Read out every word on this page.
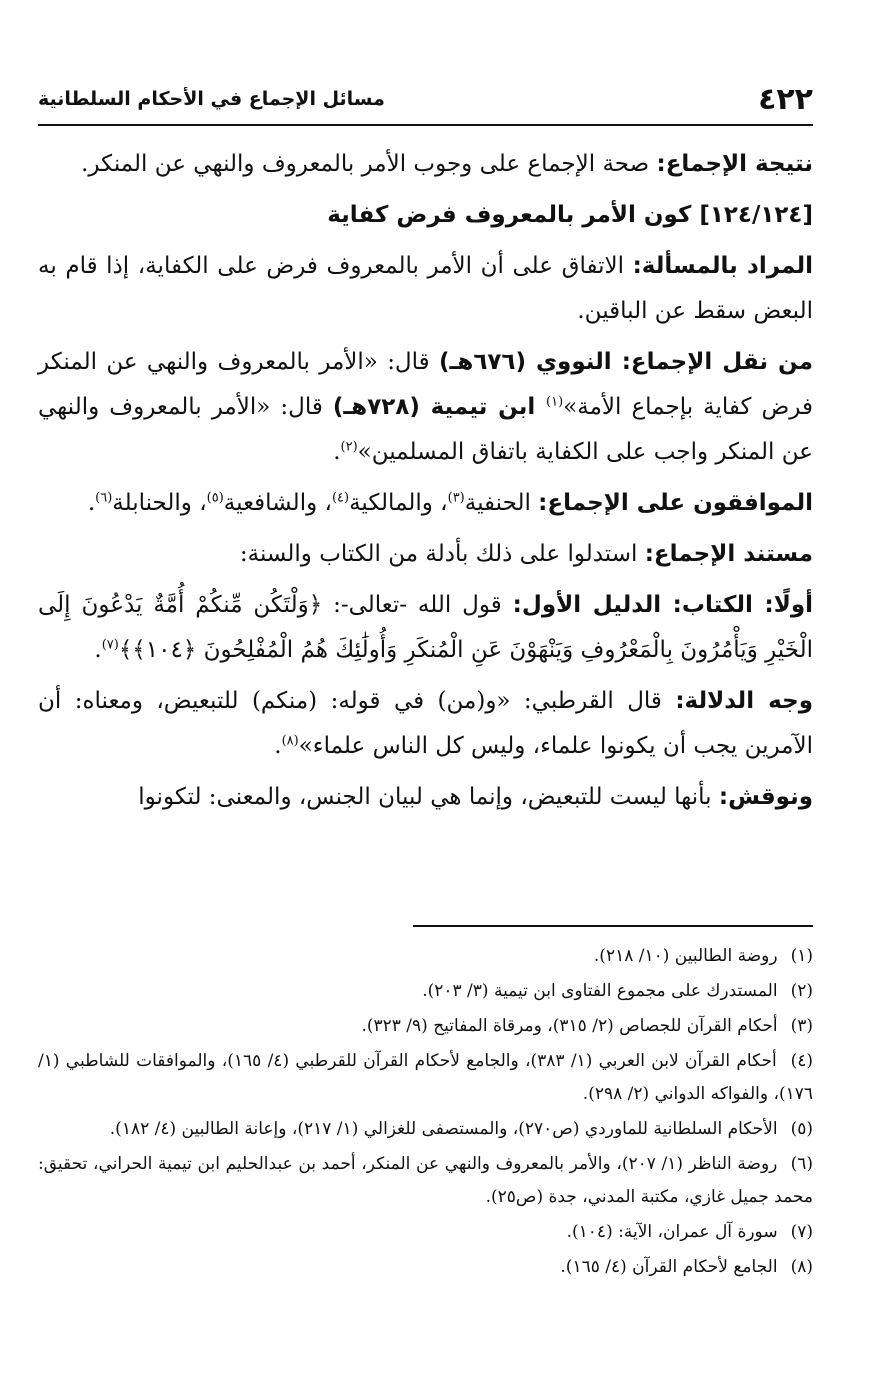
٤٢٢
مسائل الإجماع في الأحكام السلطانية

نتيجة الإجماع: صحة الإجماع على وجوب الأمر بالمعروف والنهي عن المنكر.

[١٢٤/١٢٤] كون الأمر بالمعروف فرض كفاية

المراد بالمسألة: الاتفاق على أن الأمر بالمعروف فرض على الكفاية، إذا قام به البعض سقط عن الباقين.

من نقل الإجماع: النووي (٦٧٦هـ) قال: «الأمر بالمعروف والنهي عن المنكر فرض كفاية بإجماع الأمة»$^{(١)}$ ابن تيمية (٧٢٨هـ) قال: «الأمر بالمعروف والنهي عن المنكر واجب على الكفاية باتفاق المسلمين»$^{(٢)}$.

الموافقون على الإجماع: الحنفية$^{(٣)}$، والمالكية$^{(٤)}$، والشافعية$^{(٥)}$، والحنابلة$^{(٦)}$.

مستند الإجماع: استدلوا على ذلك بأدلة من الكتاب والسنة:

أولًا: الكتاب: الدليل الأول: قول الله -تعالى-: ﴿وَلْتَكُن مِّنكُمْ أُمَّةٌ يَدْعُونَ إِلَى الْخَيْرِ وَيَأْمُرُونَ بِالْمَعْرُوفِ وَيَنْهَوْنَ عَنِ الْمُنكَرِ وَأُولَٰئِكَ هُمُ الْمُفْلِحُونَ ﴿١٠٤﴾﴾$^{(٧)}$.

وجه الدلالة: قال القرطبي: «و(من) في قوله: (منكم) للتبعيض، ومعناه: أن الآمرين يجب أن يكونوا علماء، وليس كل الناس علماء»$^{(٨)}$.

ونوقش: بأنها ليست للتبعيض، وإنما هي لبيان الجنس، والمعنى: لتكونوا

(١) روضة الطالبين (١٠/ ٢١٨).
(٢) المستدرك على مجموع الفتاوى ابن تيمية (٣/ ٢٠٣).
(٣) أحكام القرآن للجصاص (٢/ ٣١٥)، ومرقاة المفاتيح (٩/ ٣٢٣).
(٤) أحكام القرآن لابن العربي (١/ ٣٨٣)، والجامع لأحكام القرآن للقرطبي (٤/ ١٦٥)، والموافقات للشاطبي (١/ ١٧٦)، والفواكه الدواني (٢/ ٢٩٨).
(٥) الأحكام السلطانية للماوردي (ص٢٧٠)، والمستصفى للغزالي (١/ ٢١٧)، وإعانة الطالبين (٤/ ١٨٢).
(٦) روضة الناظر (١/ ٢٠٧)، والأمر بالمعروف والنهي عن المنكر، أحمد بن عبدالحليم ابن تيمية الحراني، تحقيق: محمد جميل غازي، مكتبة المدني، جدة (ص٢٥).
(٧) سورة آل عمران، الآية: (١٠٤).
(٨) الجامع لأحكام القرآن (٤/ ١٦٥).
